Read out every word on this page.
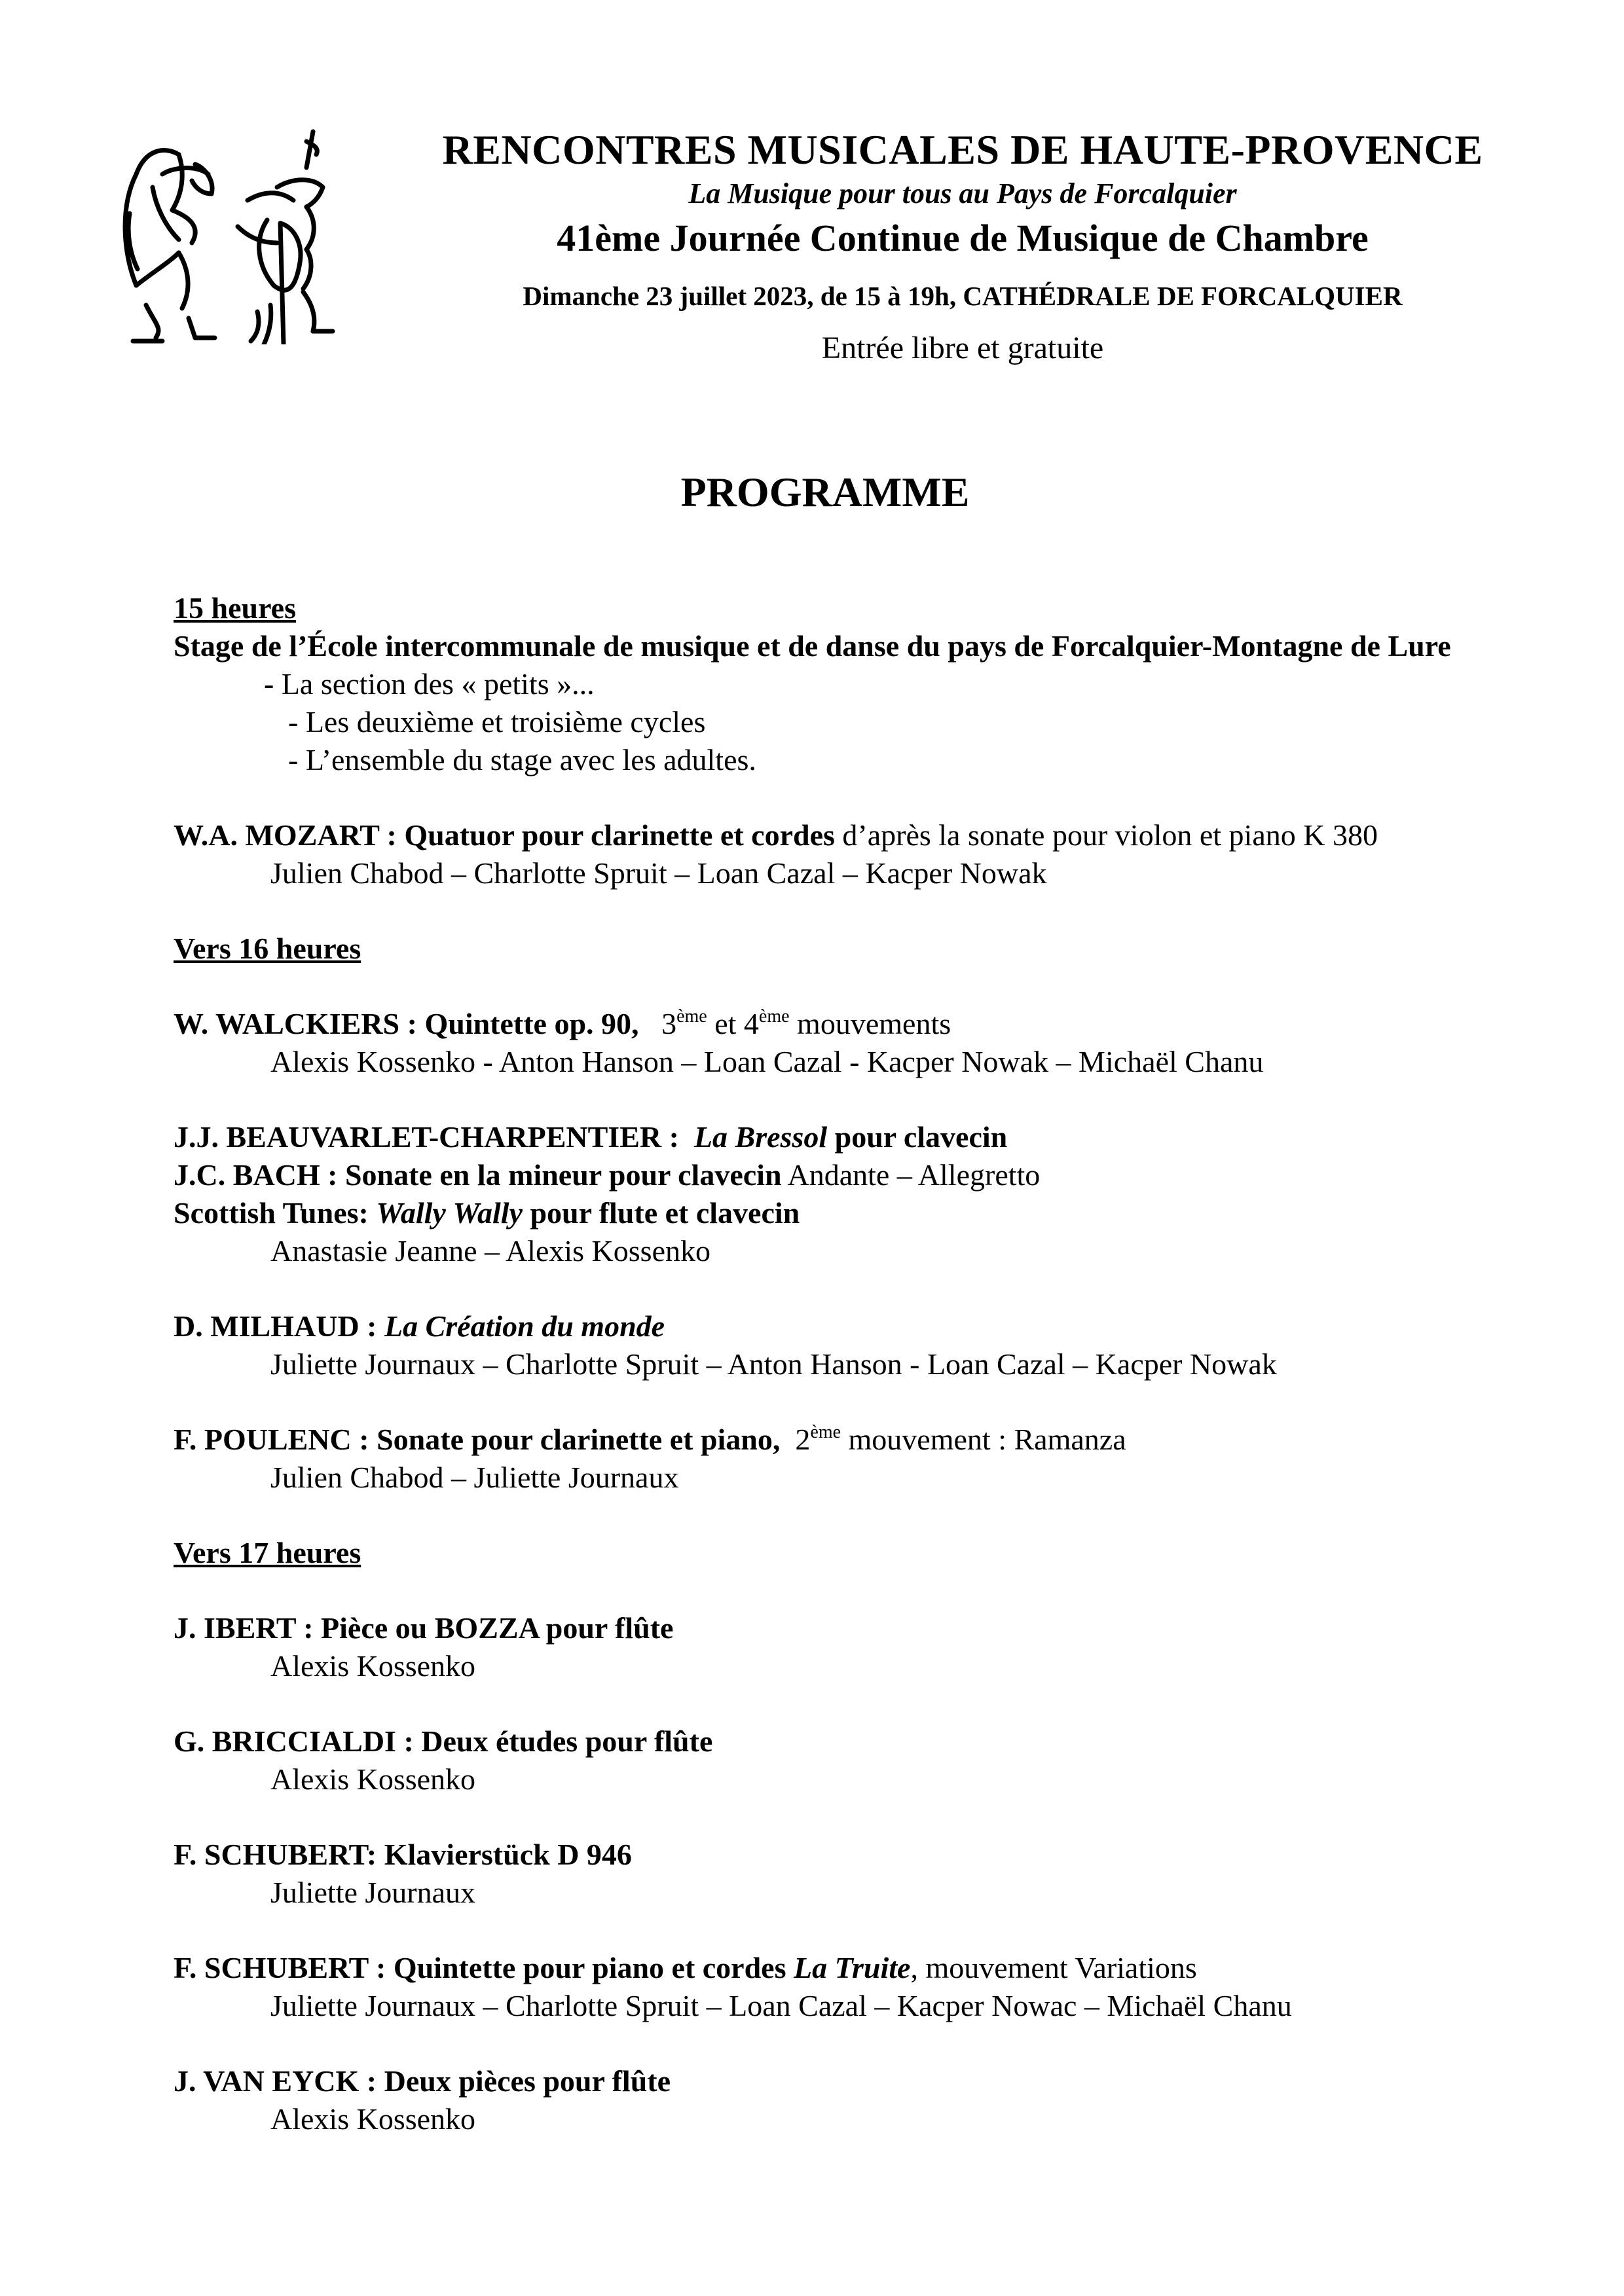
RENCONTRES MUSICALES DE HAUTE-PROVENCE
La Musique pour tous au Pays de Forcalquier
41ème Journée Continue de Musique de Chambre
Dimanche 23 juillet 2023, de 15 à 19h, CATHÉDRALE DE FORCALQUIER
Entrée libre et gratuite
PROGRAMME
15 heures
Stage de l’École intercommunale de musique et de danse du pays de Forcalquier-Montagne de Lure
- La section des « petits »...
- Les deuxième et troisième cycles
- L’ensemble du stage avec les adultes.
W.A. MOZART : Quatuor pour clarinette et cordes d’après la sonate pour violon et piano K 380
Julien Chabod – Charlotte Spruit – Loan Cazal – Kacper Nowak
Vers 16 heures
W. WALCKIERS : Quintette op. 90, 3ème et 4ème mouvements
Alexis Kossenko - Anton Hanson – Loan Cazal - Kacper Nowak – Michaël Chanu
J.J. BEAUVARLET-CHARPENTIER :  La Bressol pour clavecin
J.C. BACH : Sonate en la mineur pour clavecin Andante – Allegretto
Scottish Tunes: Wally Wally pour flute et clavecin
Anastasie Jeanne – Alexis Kossenko
D. MILHAUD : La Création du monde
Juliette Journaux – Charlotte Spruit – Anton Hanson - Loan Cazal – Kacper Nowak
F. POULENC : Sonate pour clarinette et piano, 2ème mouvement : Ramanza
Julien Chabod – Juliette Journaux
Vers 17 heures
J. IBERT : Pièce ou BOZZA pour flûte
Alexis Kossenko
G. BRICCIALDI : Deux études pour flûte
Alexis Kossenko
F. SCHUBERT: Klavierstück D 946
Juliette Journaux
F. SCHUBERT : Quintette pour piano et cordes La Truite, mouvement Variations
Juliette Journaux – Charlotte Spruit – Loan Cazal – Kacper Nowac – Michaël Chanu
J. VAN EYCK : Deux pièces pour flûte
Alexis Kossenko
